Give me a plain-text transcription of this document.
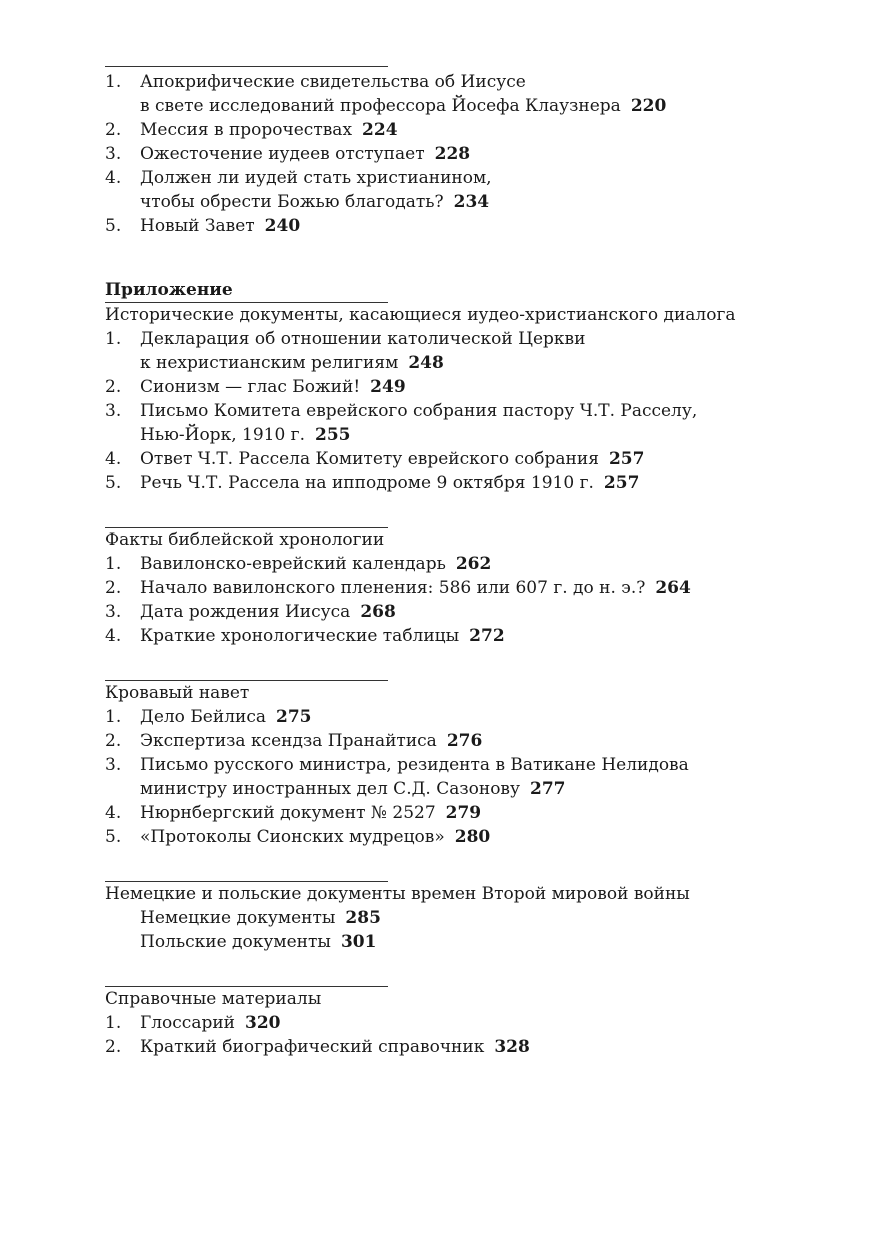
1.	Апокрифические свидетельства об Иисусе
в свете исследований профессора Йосефа Клаузнера 220
2.	Мессия в пророчествах 224
3.	Ожесточение иудеев отступает 228
4.	Должен ли иудей стать христианином,
чтобы обрести Божью благодать? 234
5.	Новый Завет 240
Приложение
Исторические документы, касающиеся иудео-христианского диалога
1.	Декларация об отношении католической Церкви
к нехристианским религиям 248
2.	Сионизм — глас Божий! 249
3.	Письмо Комитета еврейского собрания пастору Ч.Т. Расселу,
Нью-Йорк, 1910 г. 255
4.	Ответ Ч.Т. Рассела Комитету еврейского собрания 257
5.	Речь Ч.Т. Рассела на ипподроме 9 октября 1910 г. 257
Факты библейской хронологии
1.	Вавилонско-еврейский календарь 262
2.	Начало вавилонского пленения: 586 или 607 г. до н. э.? 264
3.	Дата рождения Иисуса 268
4.	Краткие хронологические таблицы 272
Кровавый навет
1.	Дело Бейлиса 275
2.	Экспертиза ксендза Пранайтиса 276
3.	Письмо русского министра, резидента в Ватикане Нелидова
министру иностранных дел С.Д. Сазонову 277
4.	Нюрнбергский документ № 2527 279
5.	«Протоколы Сионских мудрецов» 280
Немецкие и польские документы времен Второй мировой войны
Немецкие документы 285
Польские документы 301
Справочные материалы
1.	Глоссарий 320
2.	Краткий биографический справочник 328
